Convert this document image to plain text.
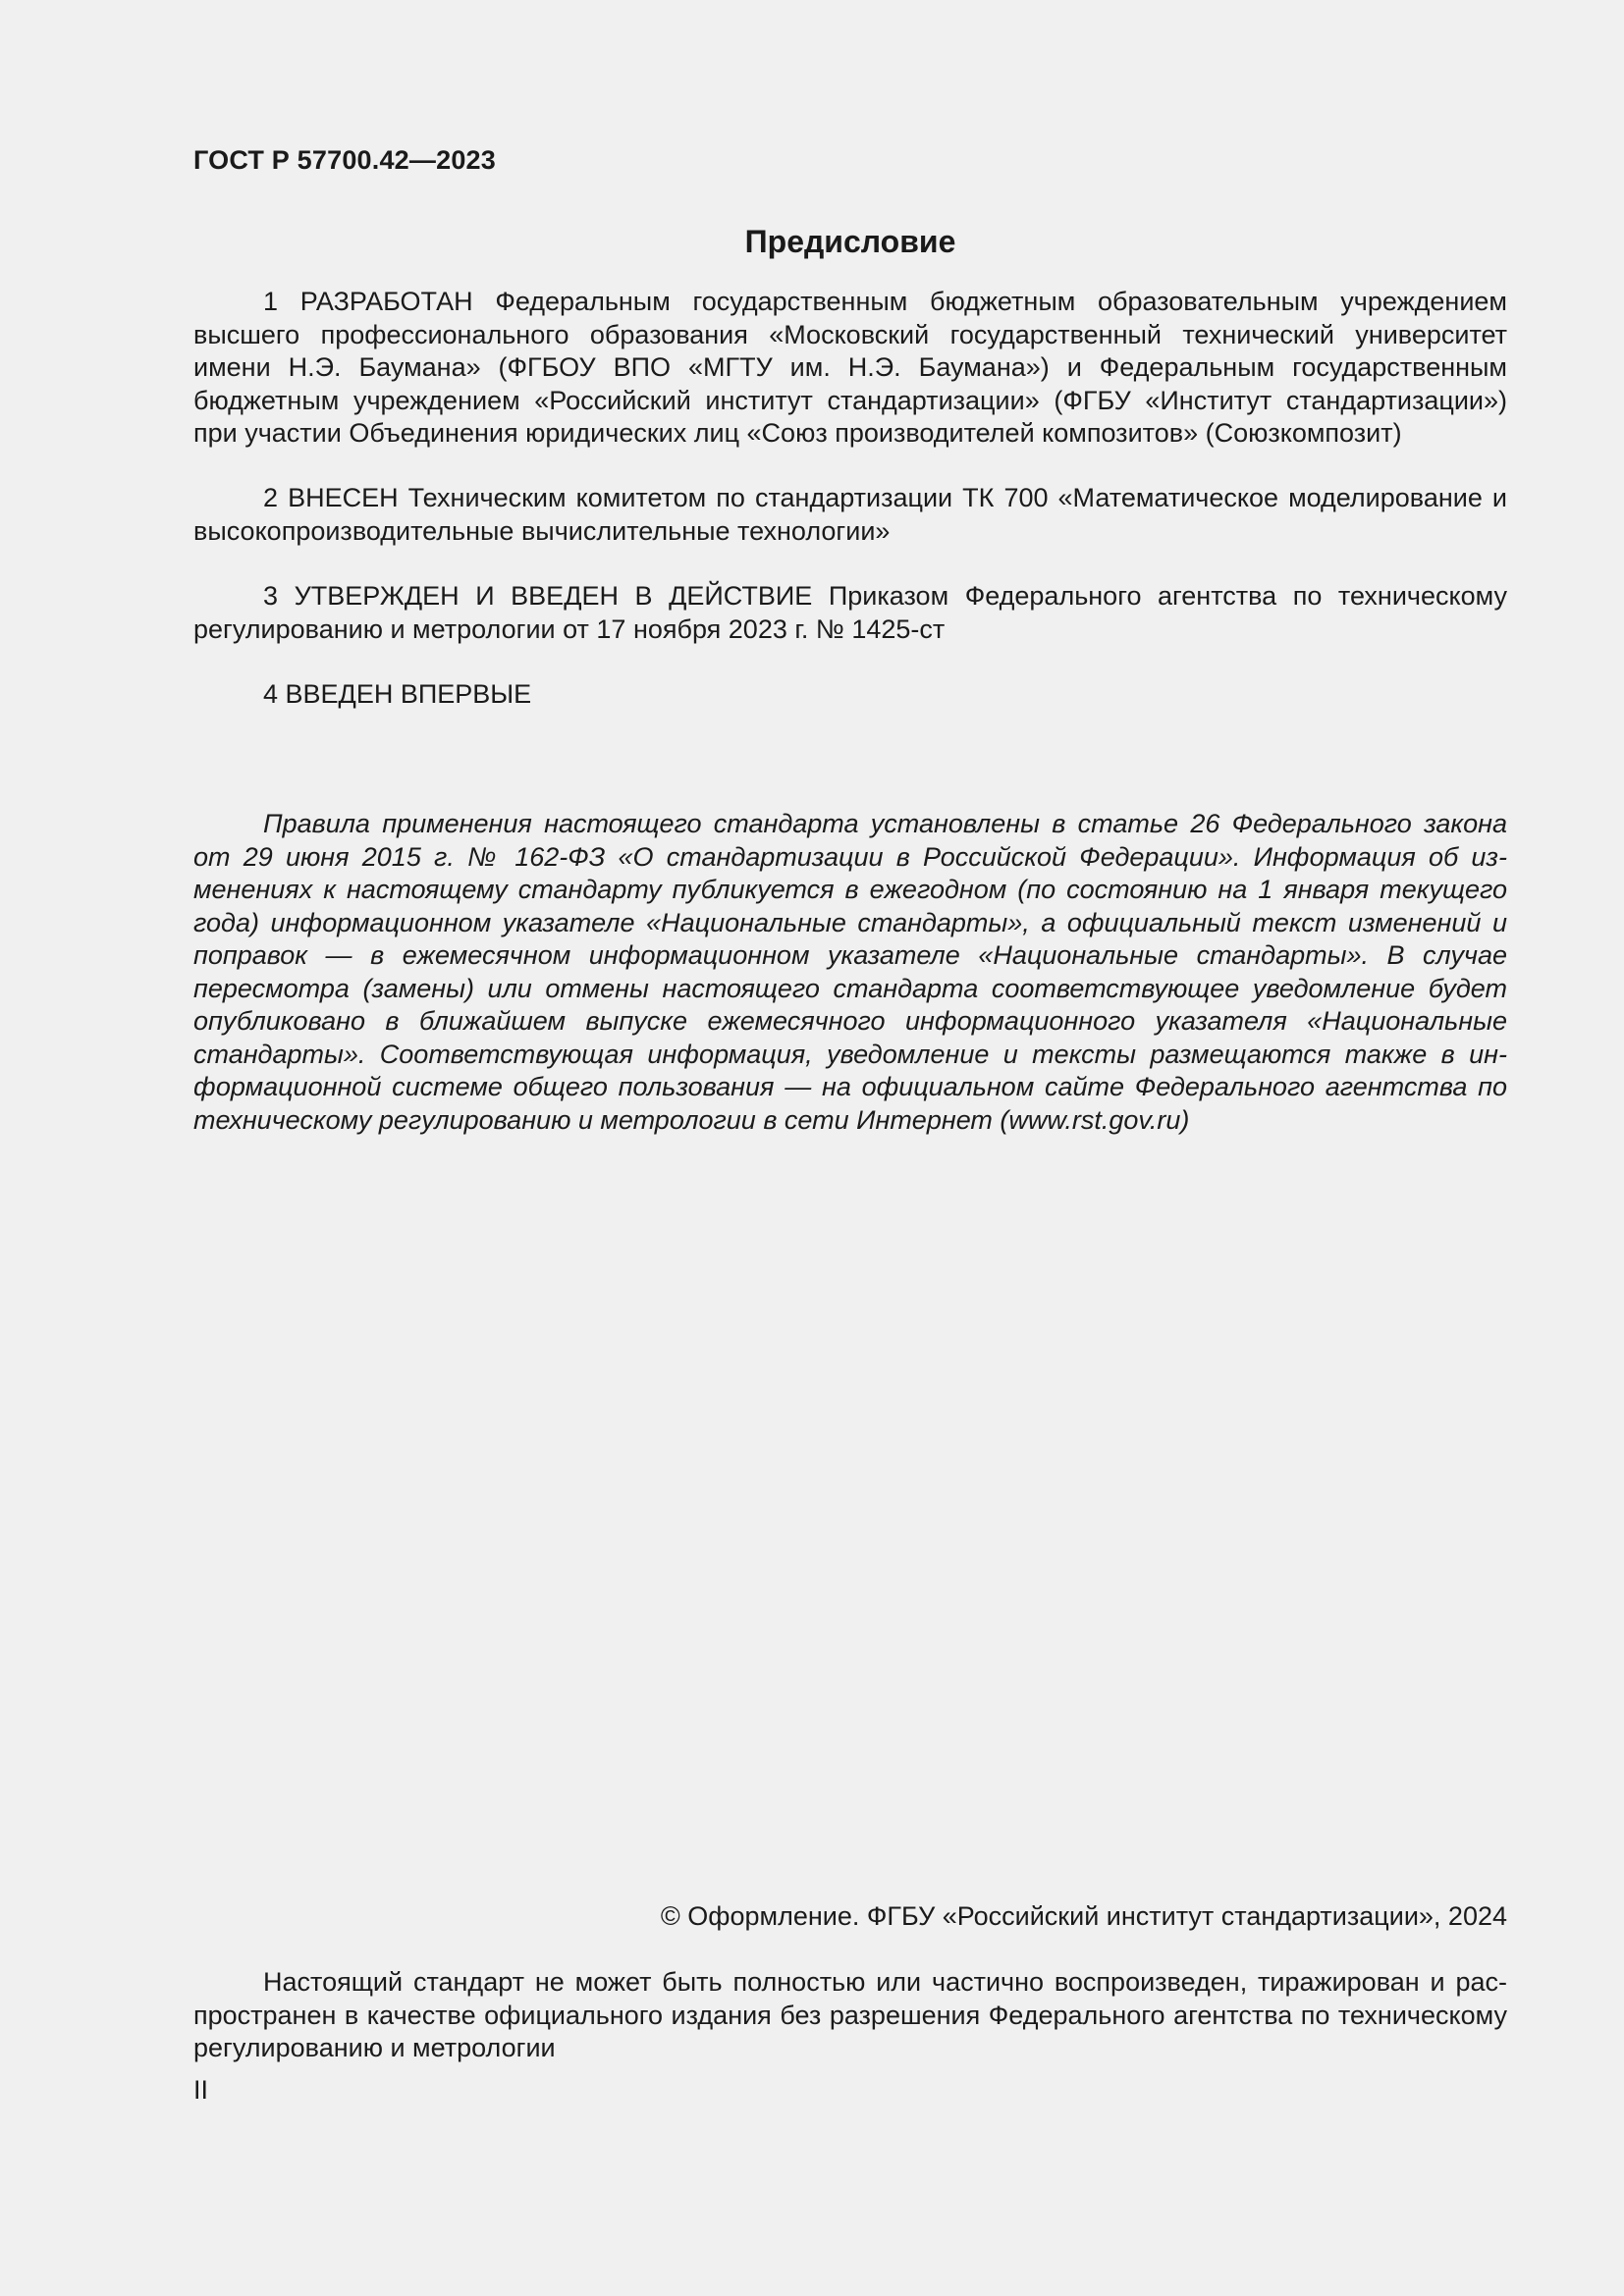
ГОСТ Р 57700.42—2023
Предисловие
1 РАЗРАБОТАН Федеральным государственным бюджетным образовательным учреждением высшего профессионального образования «Московский государственный технический университет имени Н.Э. Баумана» (ФГБОУ ВПО «МГТУ им. Н.Э. Баумана») и Федеральным государственным бюджетным учреждением «Российский институт стандартизации» (ФГБУ «Институт стандартизации») при участии Объединения юридических лиц «Союз производителей композитов» (Союзкомпозит)
2 ВНЕСЕН Техническим комитетом по стандартизации ТК 700 «Математическое моделирование и высокопроизводительные вычислительные технологии»
3 УТВЕРЖДЕН И ВВЕДЕН В ДЕЙСТВИЕ Приказом Федерального агентства по техническому регулированию и метрологии от 17 ноября 2023 г. № 1425-ст
4 ВВЕДЕН ВПЕРВЫЕ
Правила применения настоящего стандарта установлены в статье 26 Федерального закона от 29 июня 2015 г. № 162-ФЗ «О стандартизации в Российской Федерации». Информация об изменениях к настоящему стандарту публикуется в ежегодном (по состоянию на 1 января текущего года) информационном указателе «Национальные стандарты», а официальный текст изменений и поправок — в ежемесячном информационном указателе «Национальные стандарты». В случае пересмотра (замены) или отмены настоящего стандарта соответствующее уведомление будет опубликовано в ближайшем выпуске ежемесячного информационного указателя «Национальные стандарты». Соответствующая информация, уведомление и тексты размещаются также в информационной системе общего пользования — на официальном сайте Федерального агентства по техническому регулированию и метрологии в сети Интернет (www.rst.gov.ru)
© Оформление. ФГБУ «Российский институт стандартизации», 2024
Настоящий стандарт не может быть полностью или частично воспроизведен, тиражирован и распространен в качестве официального издания без разрешения Федерального агентства по техническому регулированию и метрологии
II
